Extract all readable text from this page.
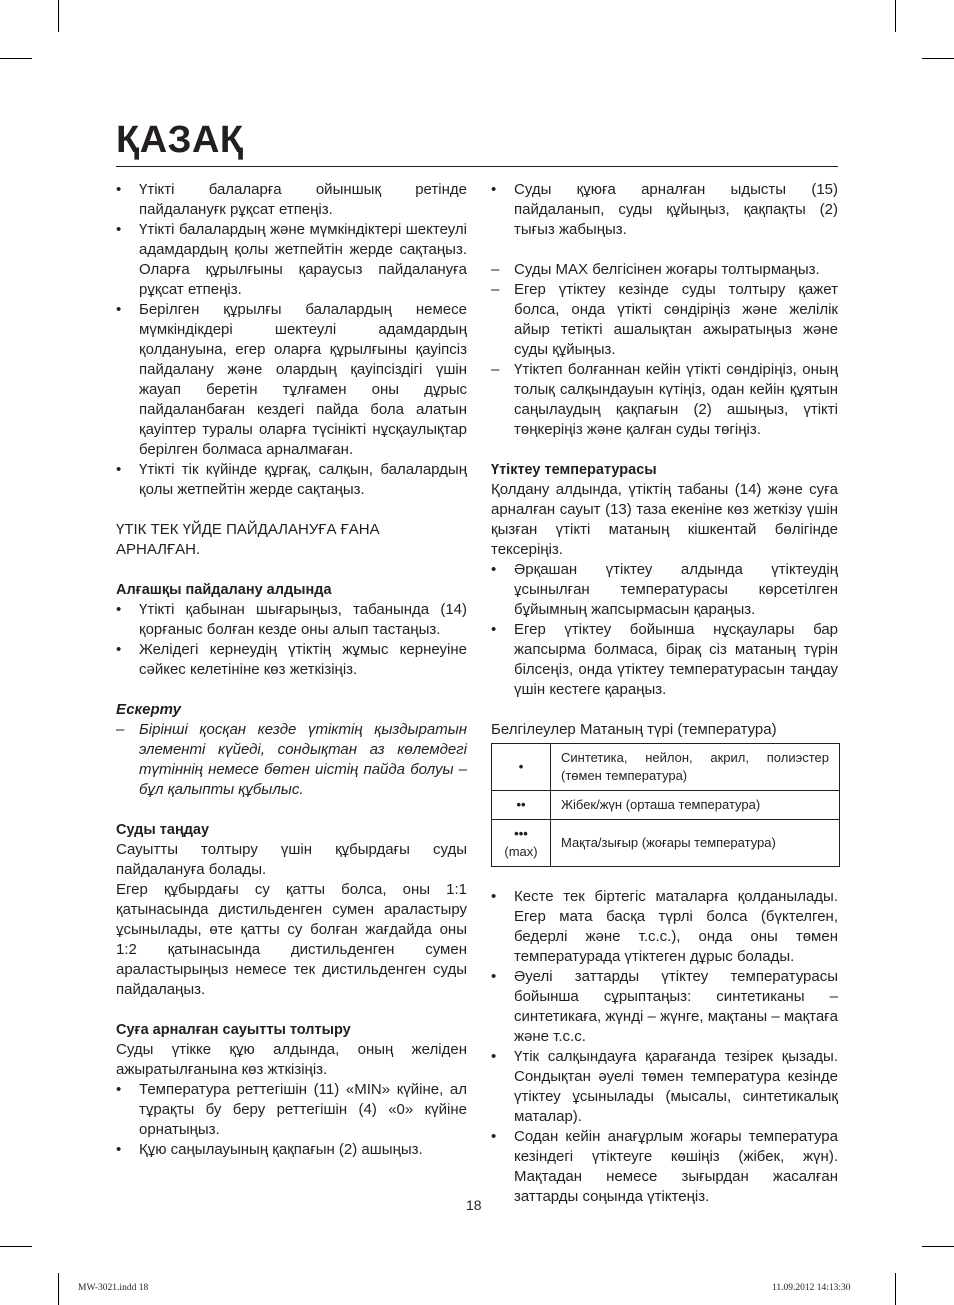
ҚАЗАҚ
•	Үтікті балаларға ойыншық ретінде пайдалануғк рұқсат етпеңіз.
•	Үтікті балалардың және мүмкіндіктері шектеулі адамдардың қолы жетпейтін жерде сақтаңыз. Оларға құрылғыны қараусыз пайдалануға рұқсат етпеңіз.
•	Берілген құрылғы балалардың немесе мүмкіндікдері шектеулі адамдардың қолдануына, егер оларға құрылғыны қауіпсіз пайдалану және олардың қауіпсіздігі үшін жауап беретін тұлғамен оны дұрыс пайдаланбаған кездегі пайда бола алатын қауіптер туралы оларға түсінікті нұсқаулықтар берілген болмаса арналмаған.
•	Үтікті тік күйінде құрғақ, салқын, балалардың қолы жетпейтін жерде сақтаңыз.

ҮТІК ТЕК ҮЙДЕ ПАЙДАЛАНУҒА ҒАНА АРНАЛҒАН.

Алғашқы пайдалану алдында

•	Үтікті қабынан шығарыңыз, табанында (14) қорғаныс болған кезде оны алып тастаңыз.
•	Желідегі кернеудің үтіктің жұмыс кернеуіне сәйкес келетініне көз жеткізіңіз.

Ескерту

– Бірінші қосқан кезде үтіктің қыздыратын элементі күйеді, сондықтан аз көлемдегі түтіннің немесе бөтен иістің пайда болуы – бұл қалыпты құбылыс.

Суды таңдау

Сауытты толтыру үшін құбырдағы суды пайдалануға болады.

Егер құбырдағы су қатты болса, оны 1:1 қатынасында дистильденген сумен араластыру ұсынылады, өте қатты су болған жағдайда оны 1:2 қатынасында дистильденген сумен араластырыңыз немесе тек дистильденген суды пайдалаңыз.

Суға арналған сауытты толтыру

Суды үтікке құю алдында, оның желіден ажыратылғанына көз жткізіңіз.

•	Температура реттегішін (11) «MIN» күйіне, ал тұрақты бу беру реттегішін (4) «0» күйіне орнатыңыз.
•	Құю саңылауының қақпағын (2) ашыңыз.
•	Суды құюға арналған ыдысты (15) пайдаланып, суды құйыңыз, қақпақты (2) тығыз жабыңыз.
– Суды MAX белгісінен жоғары толтырмаңыз.
– Егер үтіктеу кезінде суды толтыру қажет болса, онда үтікті сөндіріңіз және желілік айыр тетікті ашалықтан ажыратыңыз және суды құйыңыз.
– Үтіктеп болғаннан кейін үтікті сөндіріңіз, оның толық салқындауын күтіңіз, одан кейін құятын саңылаудың қақпағын (2) ашыңыз, үтікті төңкеріңіз және қалған суды төгіңіз.

Үтіктеу температурасы

Қолдану алдында, үтіктің табаны (14) және суға арналған сауыт (13) таза екеніне көз жеткізу үшін қызған үтікті матаның кішкентай бөлігінде тексеріңіз.

•	Әрқашан үтіктеу алдында үтіктеудің ұсынылған температурасы көрсетілген бұйымның жапсырмасын қараңыз.
•	Егер үтіктеу бойынша нұсқаулары бар жапсырма болмаса, бірақ сіз матаның түрін білсеңіз, онда үтіктеу температурасын таңдау үшін кестеге қараңыз.

Белгілеулер Матаның түрі (температура)

•	Синтетика, нейлон, акрил, полиэстер (төмен температура)
••	Жібек/жүн (орташа температура)
•••
(max)	Мақта/зығыр (жоғары температура)
•	Кесте тек біртегіс маталарға қолданылады. Егер мата басқа түрлі болса (бүктелген, бедерлі және т.с.с.), онда оны төмен температурада үтіктеген дұрыс болады.
•	Әуелі заттарды үтіктеу температурасы бойынша сұрыптаңыз: синтетиканы – синтетикаға, жүнді – жүнге, мақтаны – мақтаға және т.с.с.
•	Үтік салқындауға қарағанда тезірек қызады. Сондықтан әуелі төмен температура кезінде үтіктеу ұсынылады (мысалы, синтетикалық маталар).
•	Содан кейін анағұрлым жоғары температура кезіндегі үтіктеуге көшіңіз (жібек, жүн). Мақтадан немесе зығырдан жасалған заттарды соңында үтіктеңіз.
18
MW-3021.indd 18	11.09.2012 14:13:30
